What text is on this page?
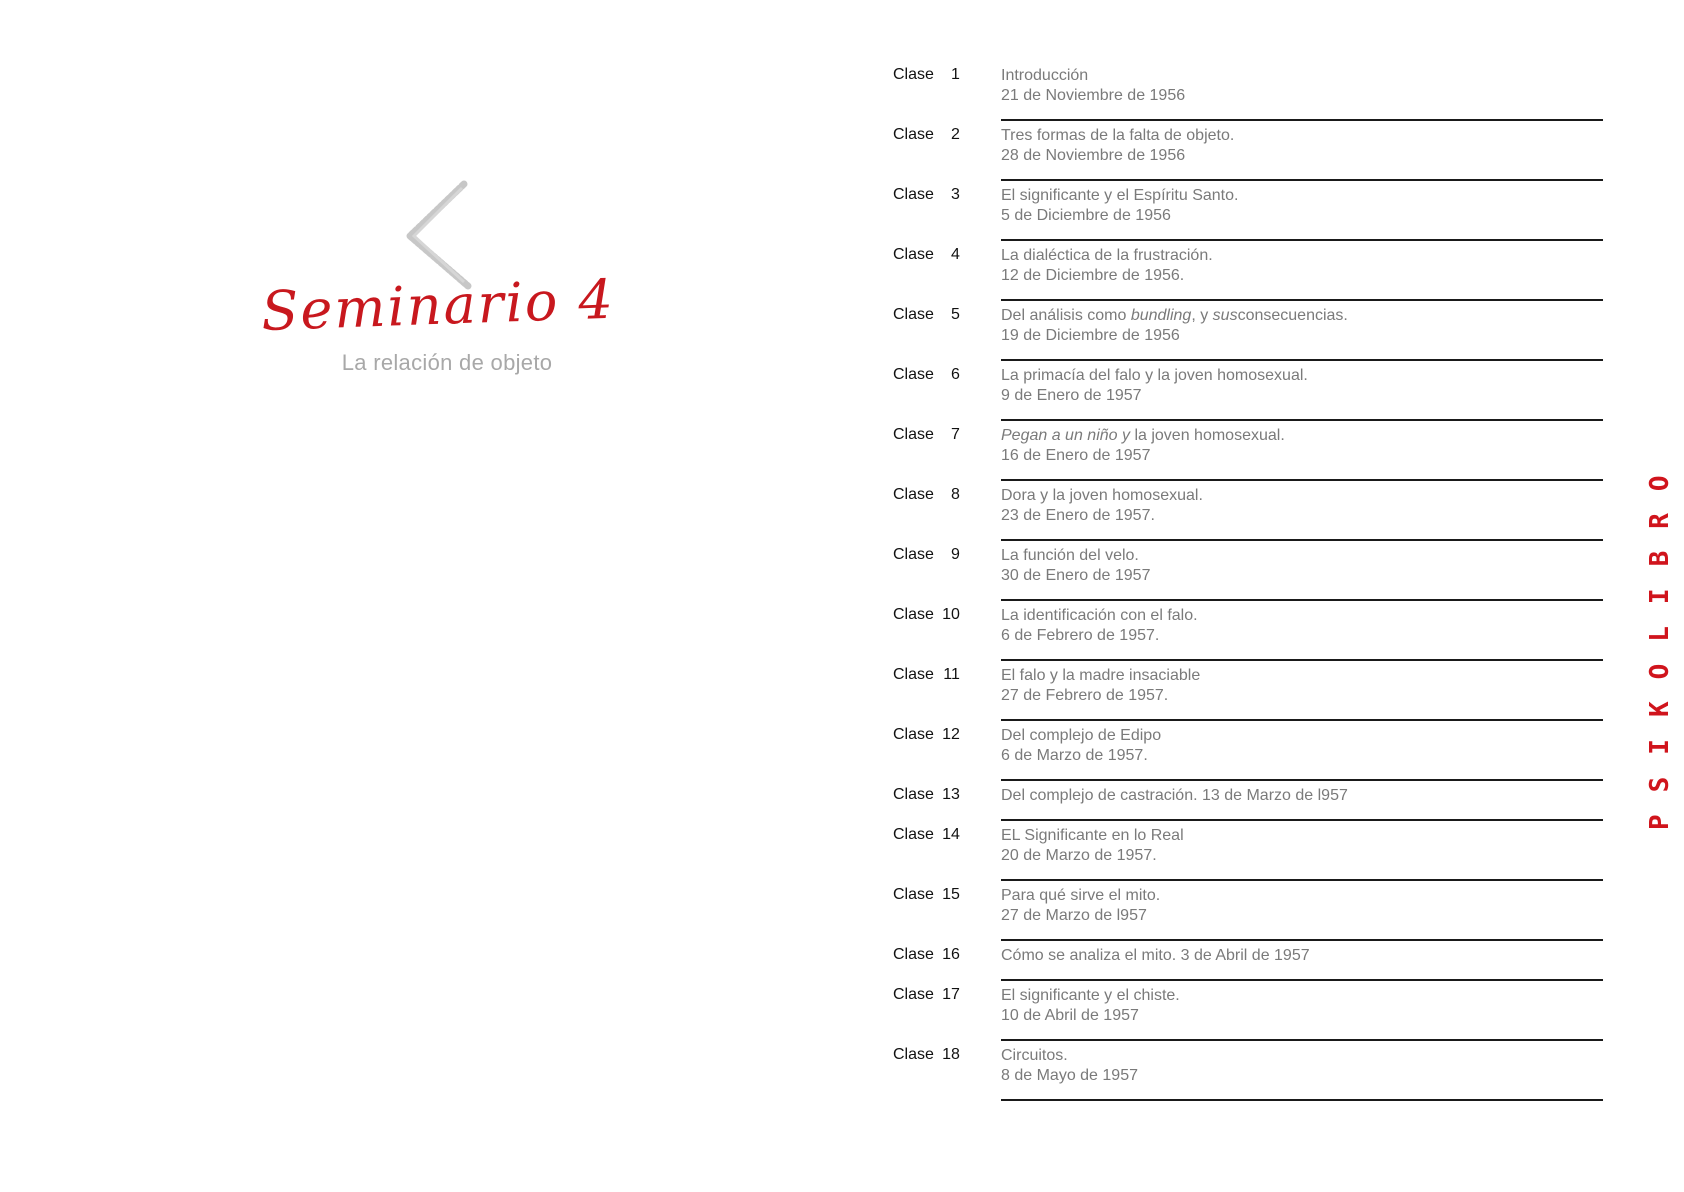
Seminario 4
La relación de objeto
Clase 1	Introducción
21 de Noviembre de 1956
Clase 2	Tres formas de la falta de objeto.
28 de Noviembre de 1956
Clase 3	El significante y el Espíritu Santo.
5 de Diciembre de 1956
Clase 4	La dialéctica de la frustración.
12 de Diciembre de 1956.
Clase 5	Del análisis como bundling, y susconsecuencias.
19 de Diciembre de 1956
Clase 6	La primacía del falo y la joven homosexual.
9 de Enero de 1957
Clase 7	Pegan a un niño y la joven homosexual.
16 de Enero de 1957
Clase 8	Dora y la joven homosexual.
23 de Enero de 1957.
Clase 9	La función del velo.
30 de Enero de 1957
Clase 10	La identificación con el falo.
6 de Febrero de 1957.
Clase 11	El falo y la madre insaciable
27 de Febrero de 1957.
Clase 12	Del complejo de Edipo
6 de Marzo de 1957.
Clase 13	Del complejo de castración. 13 de Marzo de l957
Clase 14	EL Significante en lo Real
20 de Marzo de 1957.
Clase 15	Para qué sirve el mito.
27 de Marzo de l957
Clase 16	Cómo se analiza el mito. 3 de Abril de 1957
Clase 17	El significante y el chiste.
10 de Abril de 1957
Clase 18	Circuitos.
8 de Mayo de 1957
PSIKOLIBRO
